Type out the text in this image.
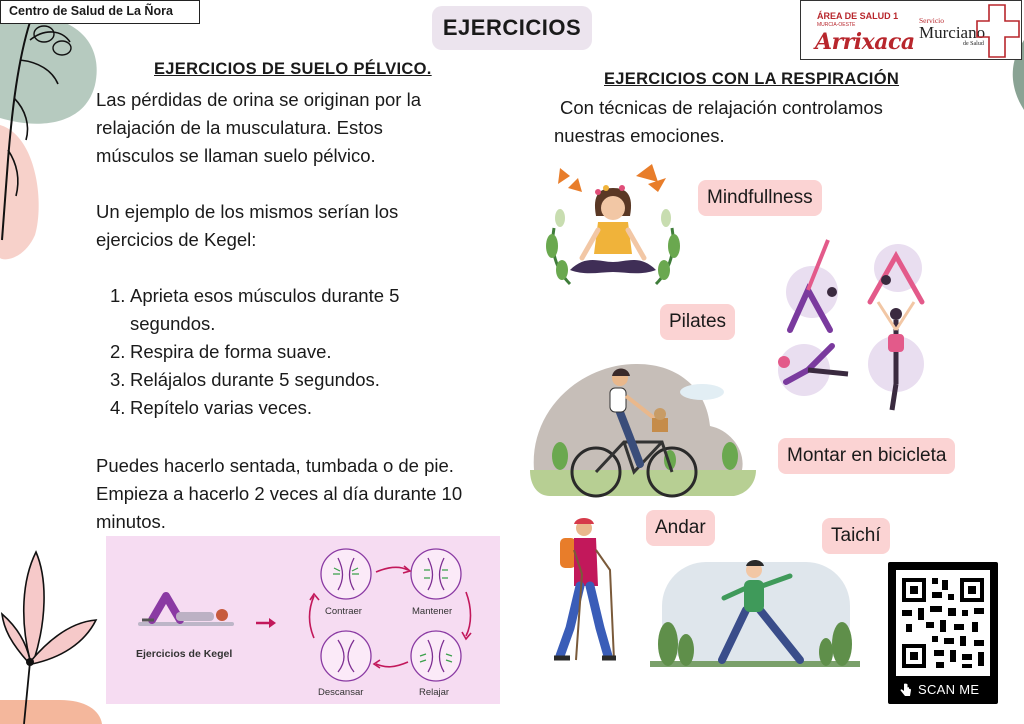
Centro de Salud de La Ñora
EJERCICIOS	ÁREA DE SALUD 1
MURCIA-OESTE
Arrixaca
Servicio
Murciano
de Salud
EJERCICIOS DE SUELO PÉLVICO.
Las pérdidas de orina se originan por la
relajación de la musculatura. Estos
músculos se llaman suelo pélvico.
Un ejemplo de los mismos serían los
ejercicios de Kegel:
1. Aprieta esos músculos durante 5
segundos.
2. Respira de forma suave.
3. Relájalos durante 5 segundos.
4. Repítelo varias veces.
Puedes hacerlo sentada, tumbada o de pie.
Empieza a hacerlo 2 veces al día durante 10
minutos.
Ejercicios de Kegel
Contraer	Mantener
Descansar	Relajar
EJERCICIOS CON LA RESPIRACIÓN
Con técnicas de relajación controlamos
nuestras emociones.
Mindfullness
Pilates
Montar en bicicleta
Andar	Taichí
SCAN ME
